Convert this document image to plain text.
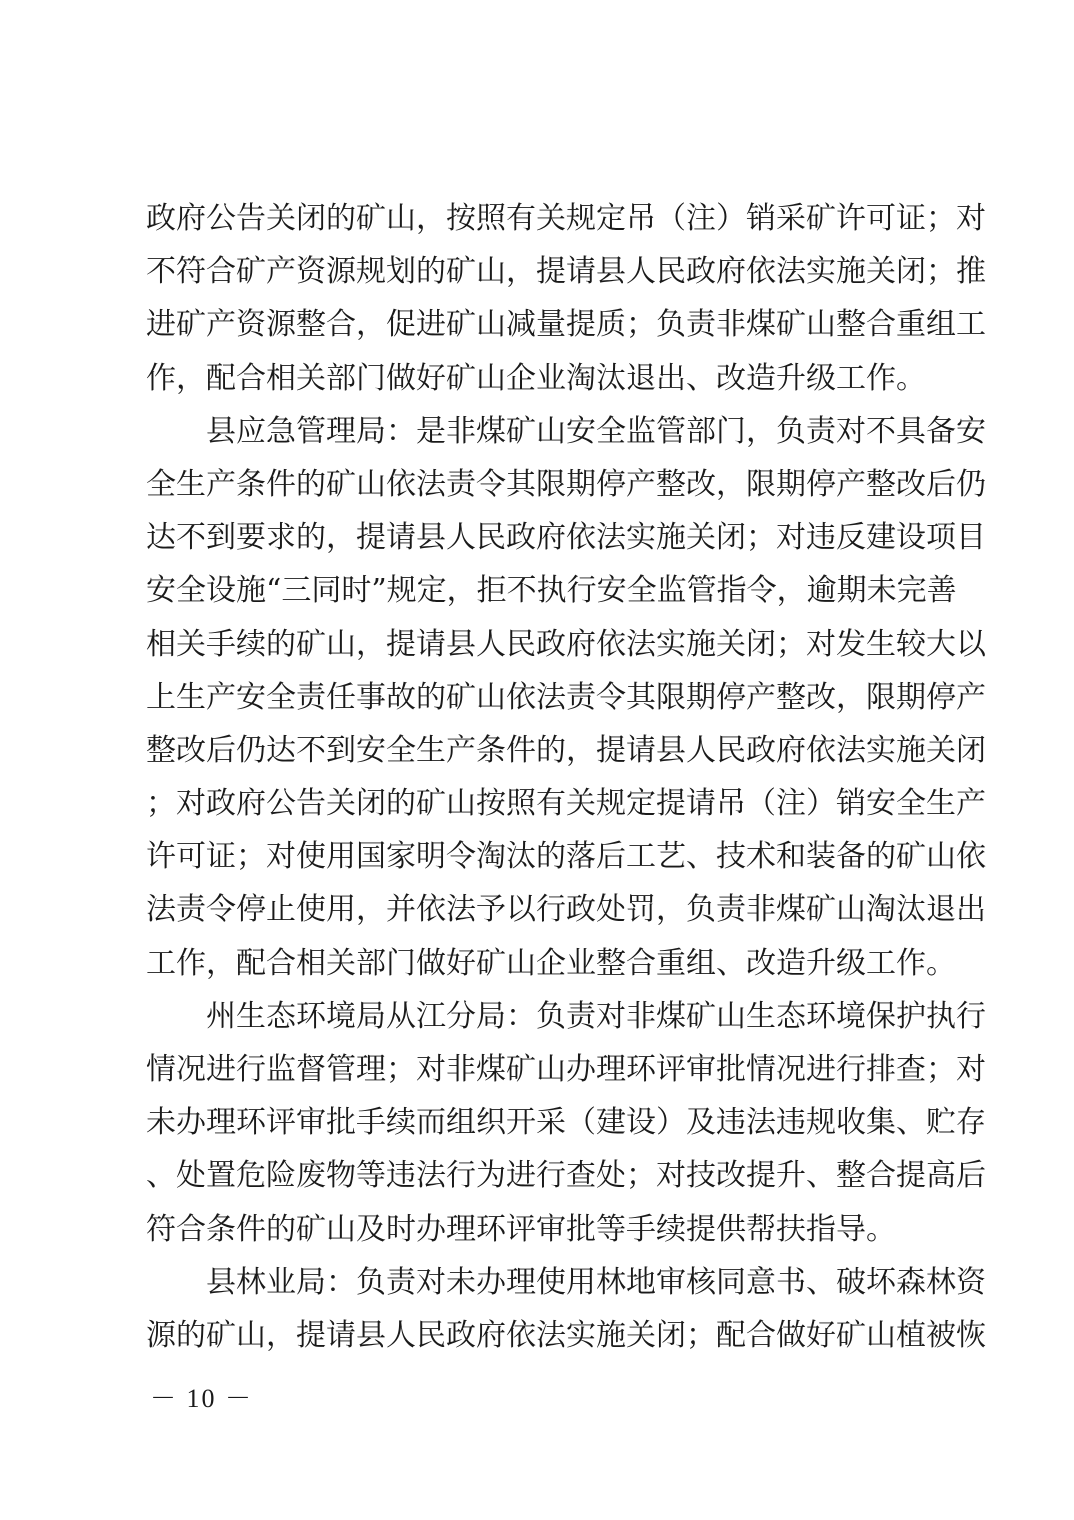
政府公告关闭的矿山，按照有关规定吊（注）销采矿许可证；对
不符合矿产资源规划的矿山，提请县人民政府依法实施关闭；推
进矿产资源整合，促进矿山减量提质；负责非煤矿山整合重组工
作，配合相关部门做好矿山企业淘汰退出、改造升级工作。
　　县应急管理局：是非煤矿山安全监管部门，负责对不具备安
全生产条件的矿山依法责令其限期停产整改，限期停产整改后仍
达不到要求的，提请县人民政府依法实施关闭；对违反建设项目
安全设施“三同时”规定，拒不执行安全监管指令，逾期未完善
相关手续的矿山，提请县人民政府依法实施关闭；对发生较大以
上生产安全责任事故的矿山依法责令其限期停产整改，限期停产
整改后仍达不到安全生产条件的，提请县人民政府依法实施关闭
；对政府公告关闭的矿山按照有关规定提请吊（注）销安全生产
许可证；对使用国家明令淘汰的落后工艺、技术和装备的矿山依
法责令停止使用，并依法予以行政处罚，负责非煤矿山淘汰退出
工作，配合相关部门做好矿山企业整合重组、改造升级工作。
　　州生态环境局从江分局：负责对非煤矿山生态环境保护执行
情况进行监督管理；对非煤矿山办理环评审批情况进行排查；对
未办理环评审批手续而组织开采（建设）及违法违规收集、贮存
、处置危险废物等违法行为进行查处；对技改提升、整合提高后
符合条件的矿山及时办理环评审批等手续提供帮扶指导。
　　县林业局：负责对未办理使用林地审核同意书、破坏森林资
源的矿山，提请县人民政府依法实施关闭；配合做好矿山植被恢
－ 10 －
